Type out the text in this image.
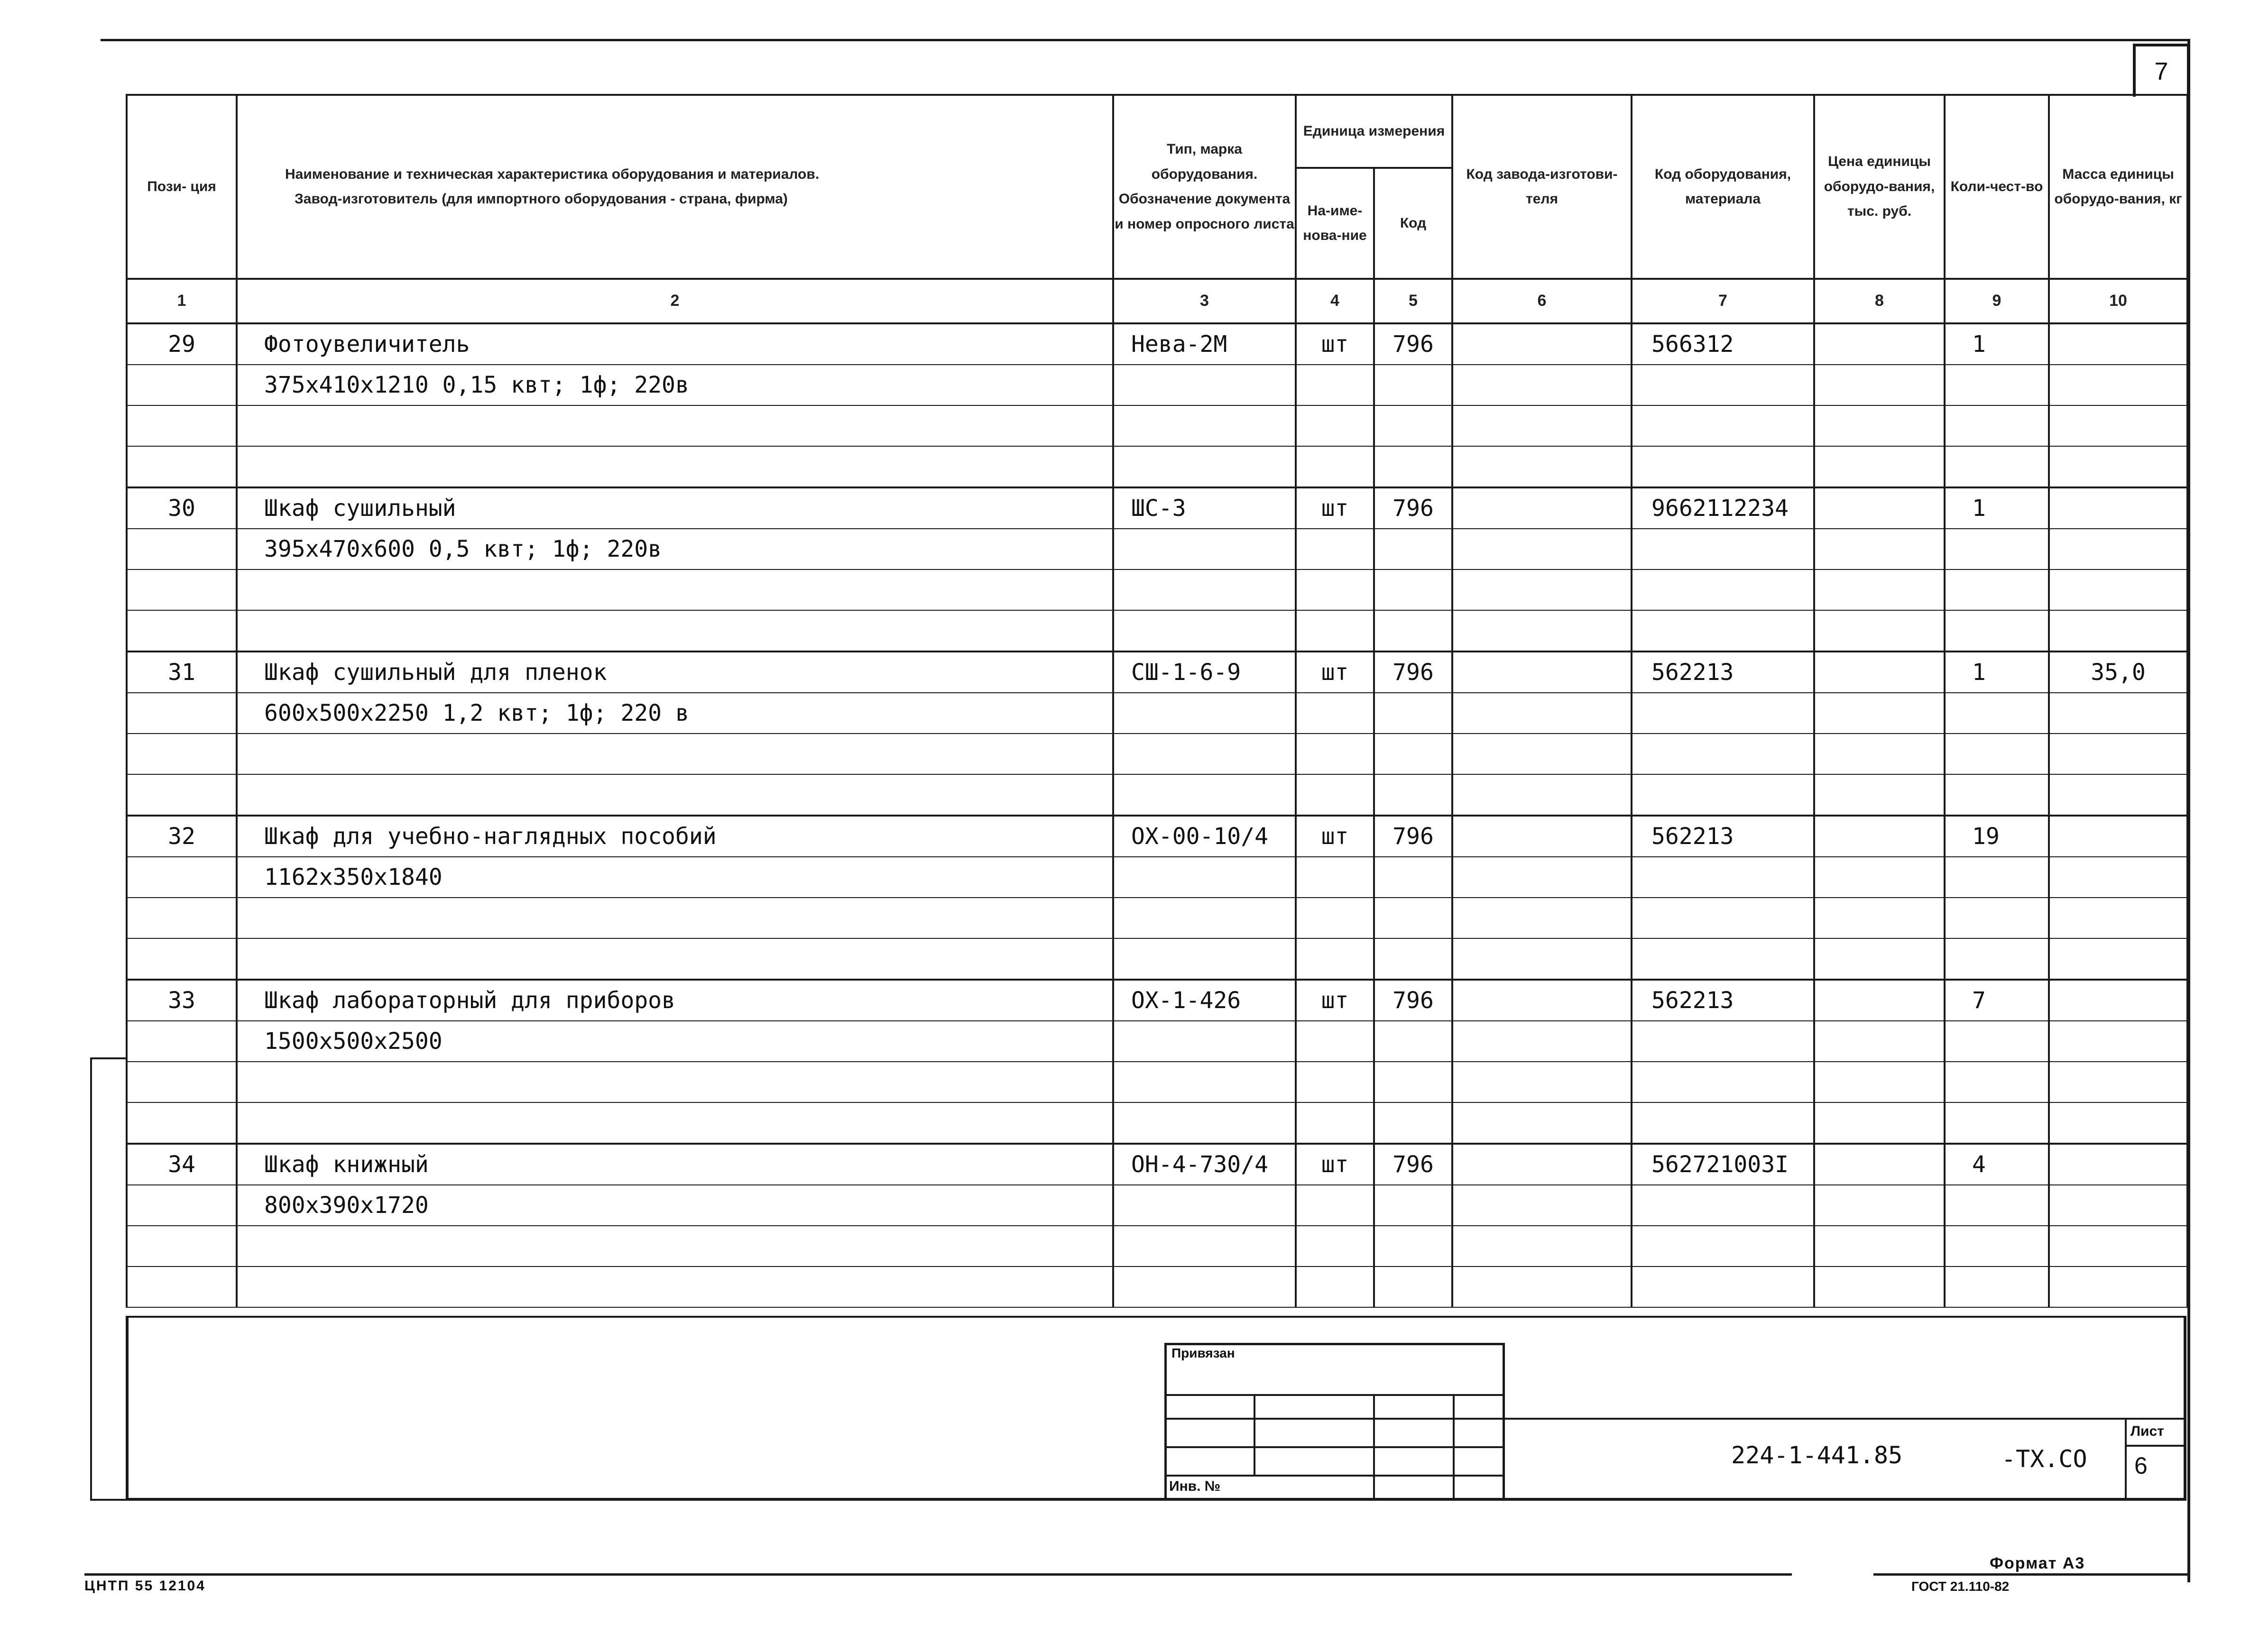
7
Пози- ция	Наименование и техническая характеристика оборудования и материалов.
Завод-изготовитель (для импортного оборудования - страна, фирма)	Тип, марка оборудования. Обозначение документа и номер опросного листа	Единица измерения		Код завода-изготови-теля	Код оборудования, материала	Цена единицы оборудо-вания, тыс. руб.	Коли-чест-во	Масса единицы оборудо-вания, кг
			На-име-нова-ние	Код					
1	2	3	4	5	6	7	8	9	10
29	Фотоувеличитель	Нева-2М	шт	796		566312		1	
	375x410x1210 0,15 квт; 1ф; 220в								

30	Шкаф сушильный	ШС-3	шт	796		9662112234		1	
	395x470x600 0,5 квт; 1ф; 220в								

31	Шкаф сушильный для пленок	СШ-1-6-9	шт	796		562213		1	35,0
	600x500x2250 1,2 квт; 1ф; 220 в								

32	Шкаф для учебно-наглядных пособий	ОХ-00-10/4	шт	796		562213		19	
	1162x350x1840								

33	Шкаф лабораторный для приборов	ОХ-1-426	шт	796		562213		7	
	1500x500x2500								

34	Шкаф книжный	ОН-4-730/4	шт	796		562721003I		4	
	800x390x1720								

Привязан
Инв. №
224-1-441.85	-ТХ.СО
Лист
6
ЦНТП 55 12104
Формат А3
ГОСТ 21.110-82
